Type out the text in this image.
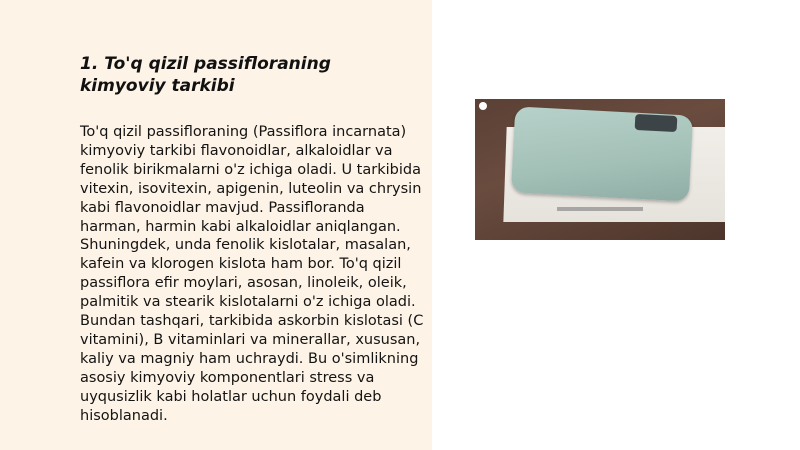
1. To'q qizil passifloraning kimyoviy tarkibi

To'q qizil passifloraning (Passiflora incarnata) kimyoviy tarkibi flavonoidlar, alkaloidlar va fenolik birikmalarni o'z ichiga oladi. U tarkibida vitexin, isovitexin, apigenin, luteolin va chrysin kabi flavonoidlar mavjud. Passifloranda harman, harmin kabi alkaloidlar aniqlangan. Shuningdek, unda fenolik kislotalar, masalan, kafein va klorogen kislota ham bor. To'q qizil passiflora efir moylari, asosan, linoleik, oleik, palmitik va stearik kislotalarni o'z ichiga oladi. Bundan tashqari, tarkibida askorbin kislotasi (C vitamini), B vitaminlari va minerallar, xususan, kaliy va magniy ham uchraydi. Bu o'simlikning asosiy kimyoviy komponentlari stress va uyqusizlik kabi holatlar uchun foydali deb hisoblanadi.
